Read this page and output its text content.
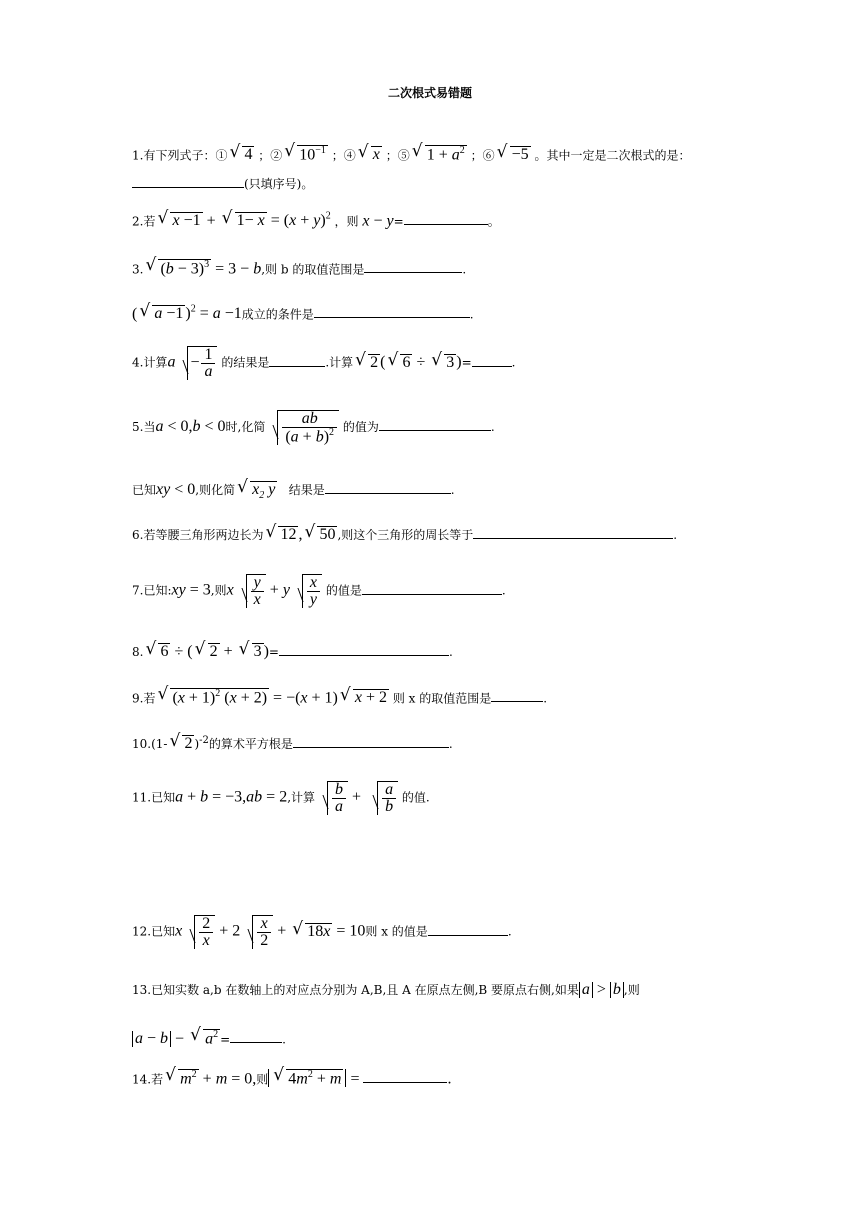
二次根式易错题
1.有下列式子：① √ 4 ；② √ $10^{-1}$ ；④ √ x ；⑤ √ $1 + a^2$ ；⑥ √ −5 。其中一定是二次根式的是：
(只填序号)。
2.若 √ x −1 + √ $1- x = (x + y)^2$ ，则 x − y=	。
3. √ $(b - 3)^3 = 3 - b$,则 b 的取值范围是	.
( √ a −1 )$^2$ = a −1成立的条件是	.
4.计算$a - \frac{1}{a}$ 的结果是	.计算 √ 2 ( √ 6 ÷ √ 3 )=	.
5.当a < 0,b < 0时,化简 $\frac{ab}{(a + b)^2}$ 的值为	.
已知xy < 0,则化简 √ $x_2$ y 结果是	.
6.若等腰三角形两边长为 √ 12 , √ 50 ,则这个三角形的周长等于	.
7.已知:xy = 3,则x $\frac{y}{x} + y \frac{x}{y}$ 的值是	.
8. √ 6 ÷ ( √ 2 + √ 3 )=	.
9.若 √ $(x + 1)^2$ (x + 2) = −(x + 1) √ x + 2 则 x 的取值范围是	.
10.(1- √ 2 )$^{-2}$的算术平方根是	.
11.已知a + b = −3,ab = 2,计算 $\frac{b}{a} + \frac{a}{b}$ 的值.
12.已知x $\frac{2}{x} + 2 \frac{x}{2}$ + √ 18x = 10则 x 的值是	.
13.已知实数 a,b 在数轴上的对应点分别为 A,B,且 A 在原点左侧,B 要原点右侧,如果 a > b ,则
a − b − √ $a^2$ =	.
14.若 √ $m^2 + m = 0$,则 √ $4m^2 + m$ =	.
